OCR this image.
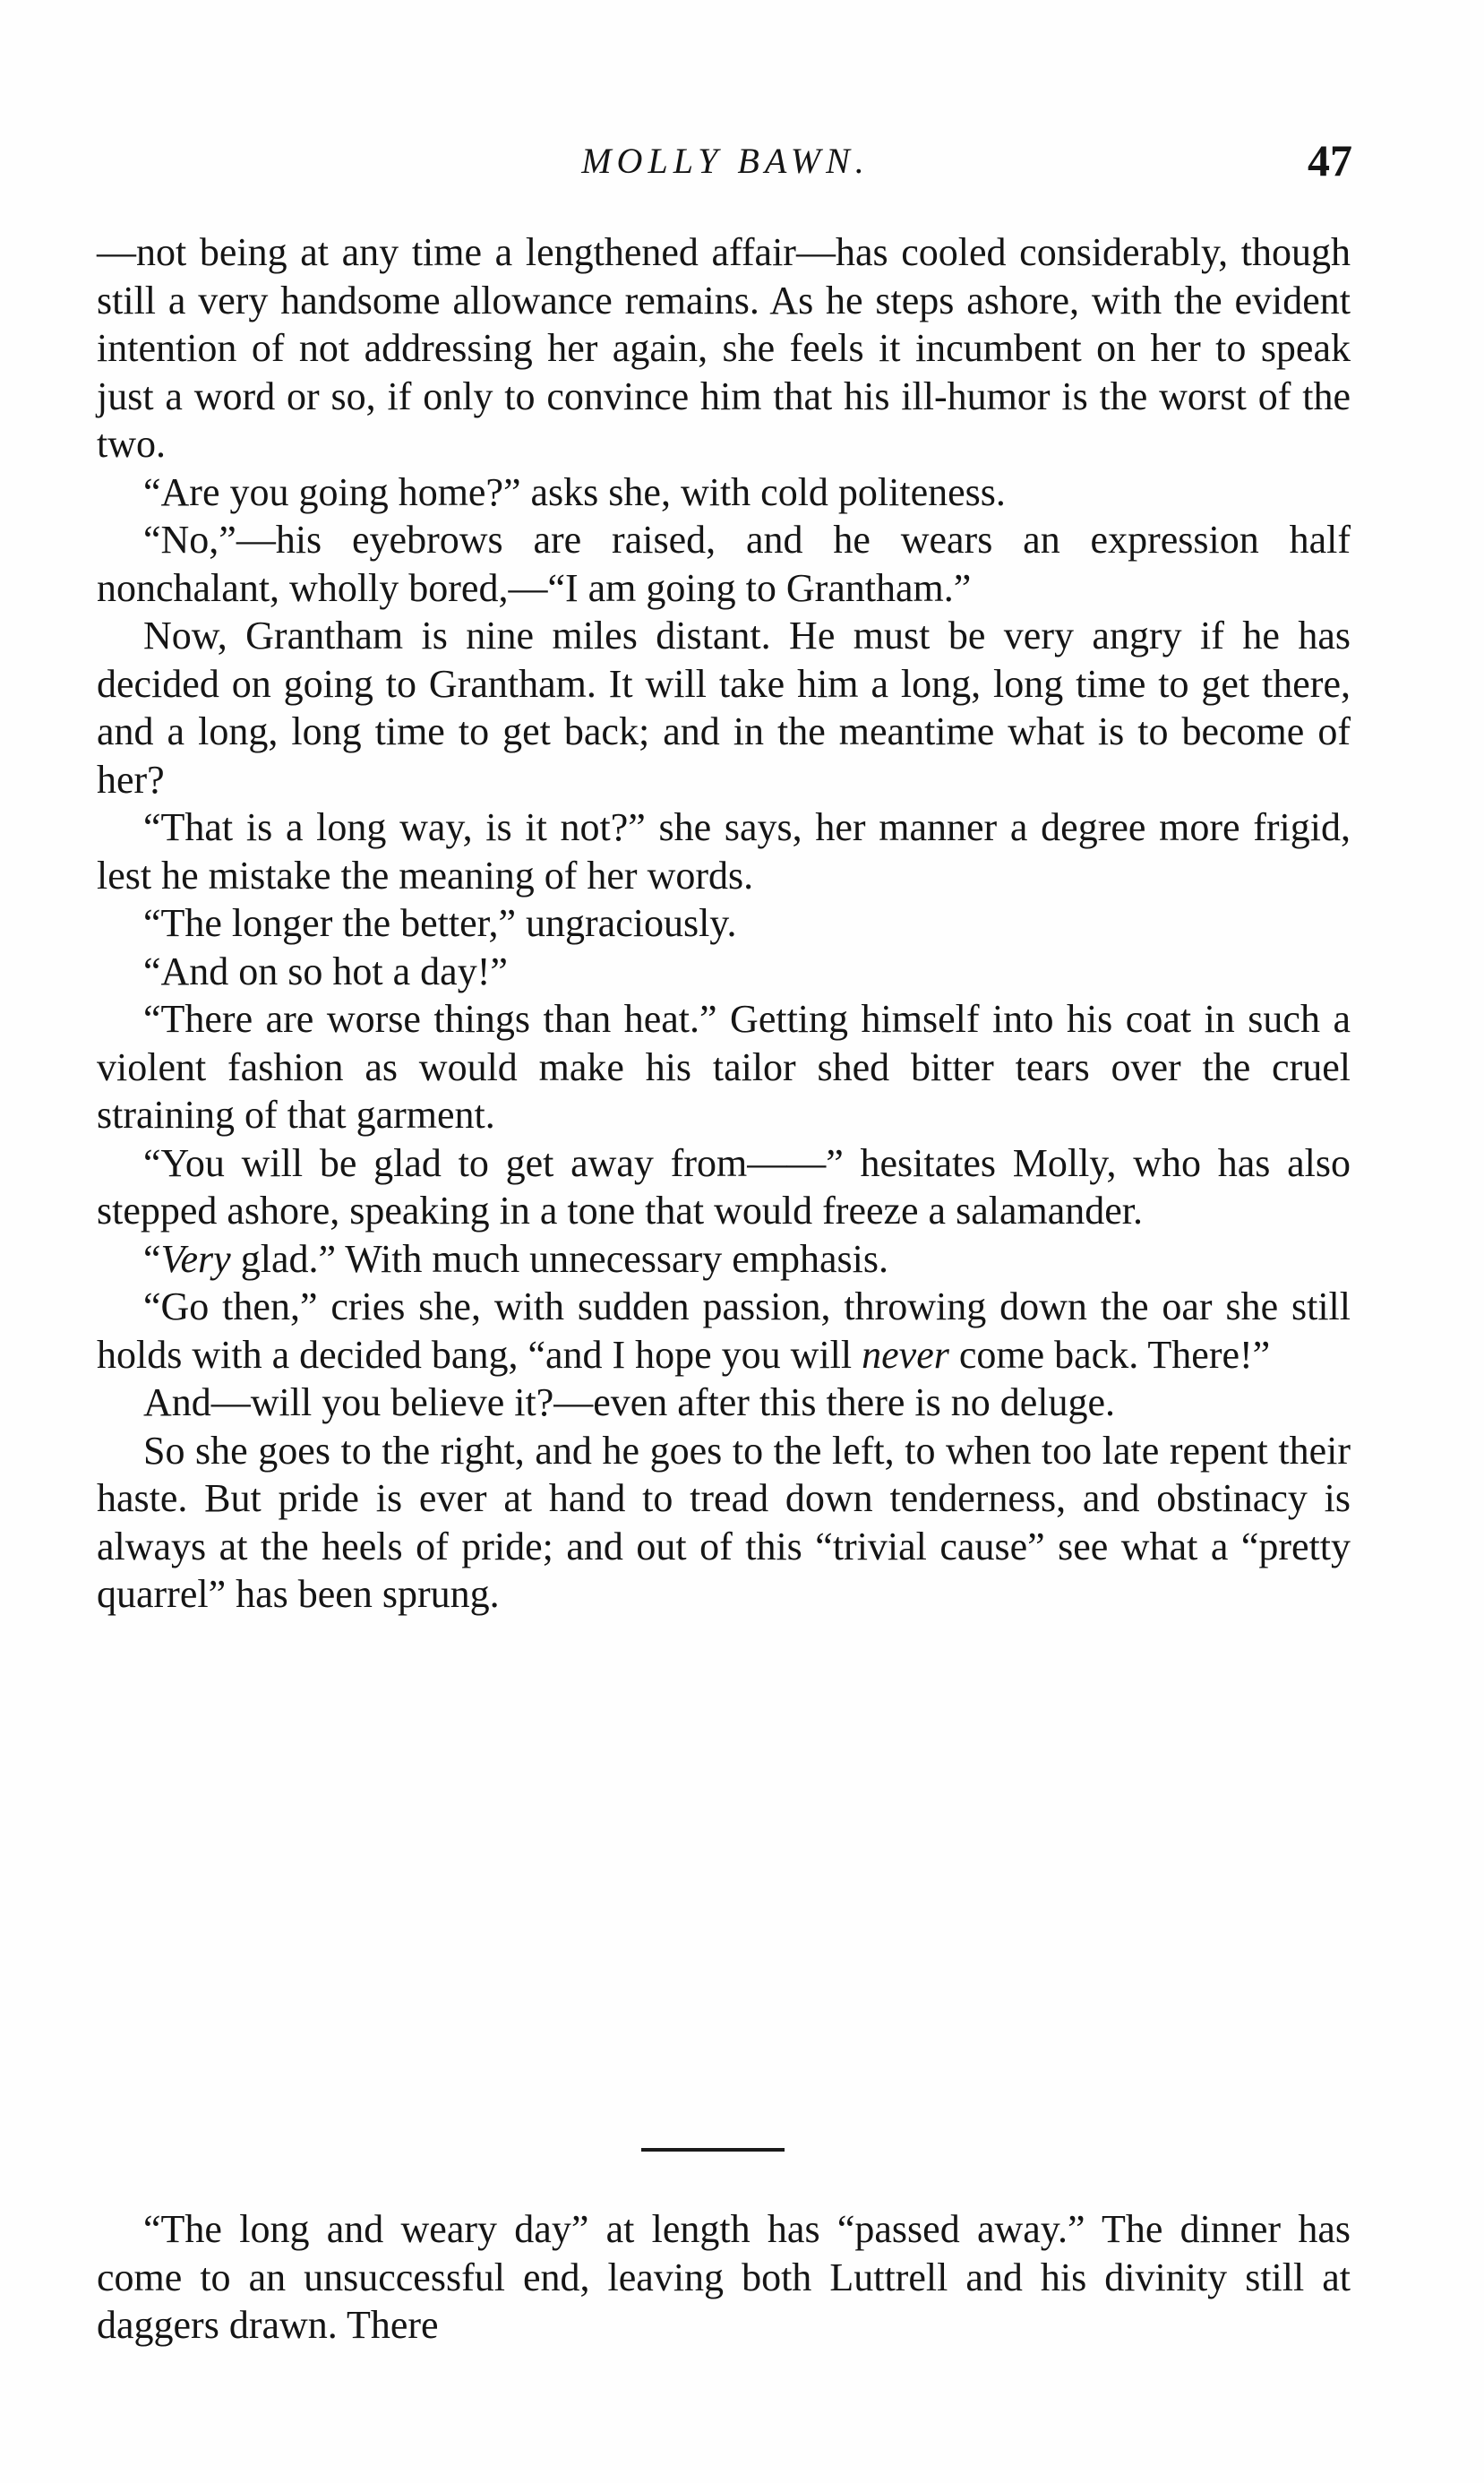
MOLLY BAWN.	47

—not being at any time a lengthened affair—has cooled considerably, though still a very handsome allowance remains. As he steps ashore, with the evident intention of not addressing her again, she feels it incumbent on her to speak just a word or so, if only to convince him that his ill-humor is the worst of the two.

“Are you going home?” asks she, with cold politeness.

“No,”—his eyebrows are raised, and he wears an expression half nonchalant, wholly bored,—“I am going to Grantham.”

Now, Grantham is nine miles distant. He must be very angry if he has decided on going to Grantham. It will take him a long, long time to get there, and a long, long time to get back; and in the meantime what is to become of her?

“That is a long way, is it not?” she says, her manner a degree more frigid, lest he mistake the meaning of her words.

“The longer the better,” ungraciously.

“And on so hot a day!”

“There are worse things than heat.” Getting himself into his coat in such a violent fashion as would make his tailor shed bitter tears over the cruel straining of that garment.

“You will be glad to get away from——” hesitates Molly, who has also stepped ashore, speaking in a tone that would freeze a salamander.

“Very glad.” With much unnecessary emphasis.

“Go then,” cries she, with sudden passion, throwing down the oar she still holds with a decided bang, “and I hope you will never come back. There!”

And—will you believe it?—even after this there is no deluge.

So she goes to the right, and he goes to the left, to when too late repent their haste. But pride is ever at hand to tread down tenderness, and obstinacy is always at the heels of pride; and out of this “trivial cause” see what a “pretty quarrel” has been sprung.

“The long and weary day” at length has “passed away.” The dinner has come to an unsuccessful end, leaving both Luttrell and his divinity still at daggers drawn. There
